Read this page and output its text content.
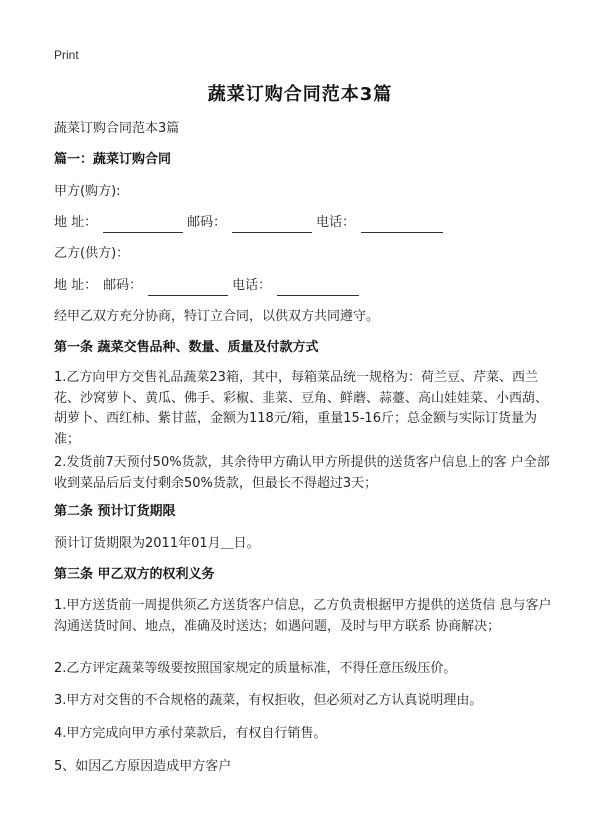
Print
蔬菜订购合同范本3篇
蔬菜订购合同范本3篇
篇一：蔬菜订购合同
甲方(购方):
地 址：	邮码：	电话：
乙方(供方)：
地 址： 邮码：	电话：
经甲乙双方充分协商，特订立合同，以供双方共同遵守。
第一条 蔬菜交售品种、数量、质量及付款方式
1.乙方向甲方交售礼品蔬菜23箱，其中，每箱菜品统一规格为：荷兰豆、芹菜、西兰花、沙窝萝卜、黄瓜、佛手、彩椒、韭菜、豆角、鲜蘑、蒜薹、高山娃娃菜、小西葫、胡萝卜、西红柿、紫甘蓝，金额为118元/箱，重量15-16斤；总金额与实际订货量为准；
2.发货前7天预付50%货款，其余待甲方确认甲方所提供的送货客户信息上的客 户全部收到菜品后后支付剩余50%货款，但最长不得超过3天；
第二条 预计订货期限
预计订货期限为2011年01月＿日。
第三条 甲乙双方的权利义务
1.甲方送货前一周提供须乙方送货客户信息，乙方负责根据甲方提供的送货信 息与客户沟通送货时间、地点，准确及时送达；如遇问题，及时与甲方联系 协商解决；
2.乙方评定蔬菜等级要按照国家规定的质量标准，不得任意压级压价。
3.甲方对交售的不合规格的蔬菜，有权拒收，但必须对乙方认真说明理由。
4.甲方完成向甲方承付菜款后，有权自行销售。
5、如因乙方原因造成甲方客户
